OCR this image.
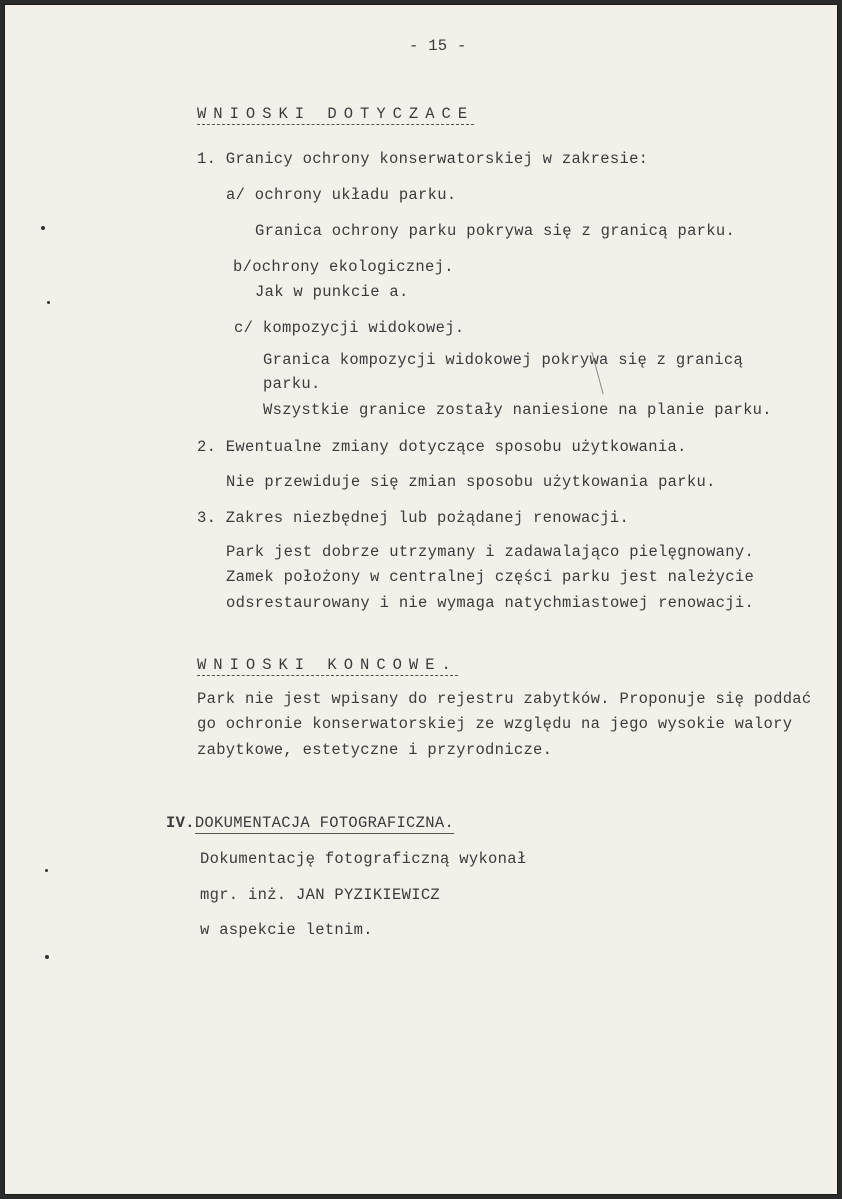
- 15 -
WNIOSKI DOTYCZACE
1. Granicy ochrony konserwatorskiej w zakresie:
a/ ochrony układu parku.
Granica ochrony parku pokrywa się z granicą parku.
b/ochrony ekologicznej.
Jak w punkcie a.
c/ kompozycji widokowej.
Granica kompozycji widokowej pokrywa się z granicą
parku.
Wszystkie granice zostały naniesione na planie parku.
2. Ewentualne zmiany dotyczące sposobu użytkowania.
Nie przewiduje się zmian sposobu użytkowania parku.
3. Zakres niezbędnej lub pożądanej renowacji.
Park jest dobrze utrzymany i zadawalająco pielęgnowany.
Zamek położony w centralnej części parku jest należycie
odsrestaurowany i nie wymaga natychmiastowej renowacji.
WNIOSKI KONCOWE.
Park nie jest wpisany do rejestru zabytków. Proponuje się poddać
go ochronie konserwatorskiej ze względu na jego wysokie walory
zabytkowe, estetyczne i przyrodnicze.
IV.DOKUMENTACJA FOTOGRAFICZNA.
Dokumentację fotograficzną wykonał
mgr. inż. JAN PYZIKIEWICZ
w aspekcie letnim.
